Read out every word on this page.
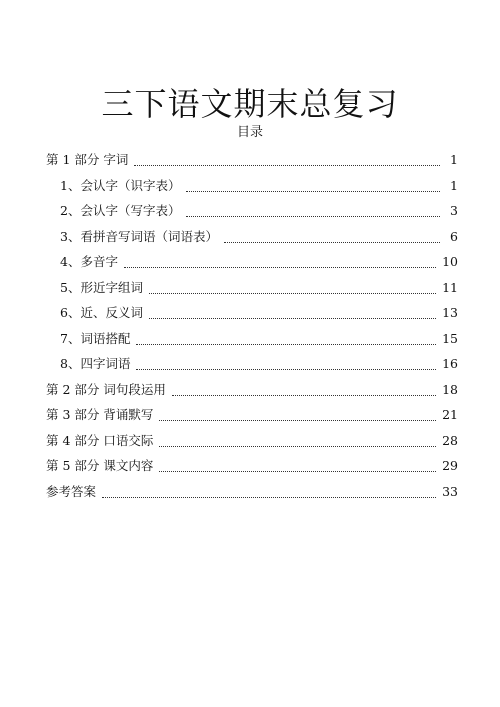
三下语文期末总复习
目录
第 1 部分 字词	1
1、会认字（识字表）	1
2、会认字（写字表）	3
3、看拼音写词语（词语表）	6
4、多音字	10
5、形近字组词	11
6、近、反义词	13
7、词语搭配	15
8、四字词语	16
第 2 部分 词句段运用	18
第 3 部分 背诵默写	21
第 4 部分 口语交际	28
第 5 部分 课文内容	29
参考答案	33
